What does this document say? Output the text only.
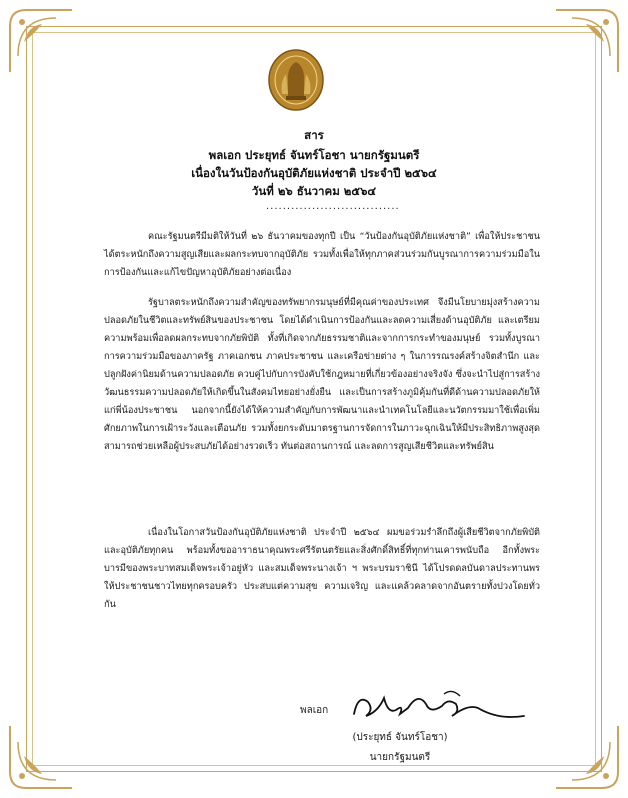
สาร
พลเอก ประยุทธ์ จันทร์โอชา นายกรัฐมนตรี
เนื่องในวันป้องกันอุบัติภัยแห่งชาติ ประจำปี ๒๕๖๔
วันที่ ๒๖ ธันวาคม ๒๕๖๔
................................

คณะรัฐมนตรีมีมติให้วันที่ ๒๖ ธันวาคมของทุกปี เป็น “วันป้องกันอุบัติภัยแห่งชาติ” เพื่อให้ประชาชนได้ตระหนักถึงความสูญเสียและผลกระทบจากอุบัติภัย รวมทั้งเพื่อให้ทุกภาคส่วนร่วมกันบูรณาการความร่วมมือในการป้องกันและแก้ไขปัญหาอุบัติภัยอย่างต่อเนื่อง

รัฐบาลตระหนักถึงความสำคัญของทรัพยากรมนุษย์ที่มีคุณค่าของประเทศ จึงมีนโยบายมุ่งสร้างความปลอดภัยในชีวิตและทรัพย์สินของประชาชน โดยได้ดำเนินการป้องกันและลดความเสี่ยงด้านอุบัติภัย และเตรียมความพร้อมเพื่อลดผลกระทบจากภัยพิบัติ ทั้งที่เกิดจากภัยธรรมชาติและจากการกระทำของมนุษย์ รวมทั้งบูรณาการความร่วมมือของภาครัฐ ภาคเอกชน ภาคประชาชน และเครือข่ายต่าง ๆ ในการรณรงค์สร้างจิตสำนึก และปลูกฝังค่านิยมด้านความปลอดภัย ควบคู่ไปกับการบังคับใช้กฎหมายที่เกี่ยวข้องอย่างจริงจัง ซึ่งจะนำไปสู่การสร้างวัฒนธรรมความปลอดภัยให้เกิดขึ้นในสังคมไทยอย่างยั่งยืน และเป็นการสร้างภูมิคุ้มกันที่ดีด้านความปลอดภัยให้แก่พี่น้องประชาชน นอกจากนี้ยังได้ให้ความสำคัญกับการพัฒนาและนำเทคโนโลยีและนวัตกรรมมาใช้เพื่อเพิ่มศักยภาพในการเฝ้าระวังและเตือนภัย รวมทั้งยกระดับมาตรฐานการจัดการในภาวะฉุกเฉินให้มีประสิทธิภาพสูงสุด สามารถช่วยเหลือผู้ประสบภัยได้อย่างรวดเร็ว ทันต่อสถานการณ์ และลดการสูญเสียชีวิตและทรัพย์สิน

เนื่องในโอกาสวันป้องกันอุบัติภัยแห่งชาติ ประจำปี ๒๕๖๔ ผมขอร่วมรำลึกถึงผู้เสียชีวิตจากภัยพิบัติและอุบัติภัยทุกคน พร้อมทั้งขออาราธนาคุณพระศรีรัตนตรัยและสิ่งศักดิ์สิทธิ์ที่ทุกท่านเคารพนับถือ อีกทั้งพระบารมีของพระบาทสมเด็จพระเจ้าอยู่หัว และสมเด็จพระนางเจ้า ฯ พระบรมราชินี ได้โปรดดลบันดาลประทานพรให้ประชาชนชาวไทยทุกครอบครัว ประสบแต่ความสุข ความเจริญ และแคล้วคลาดจากอันตรายทั้งปวงโดยทั่วกัน

พลเอก
(ประยุทธ์ จันทร์โอชา)
นายกรัฐมนตรี
